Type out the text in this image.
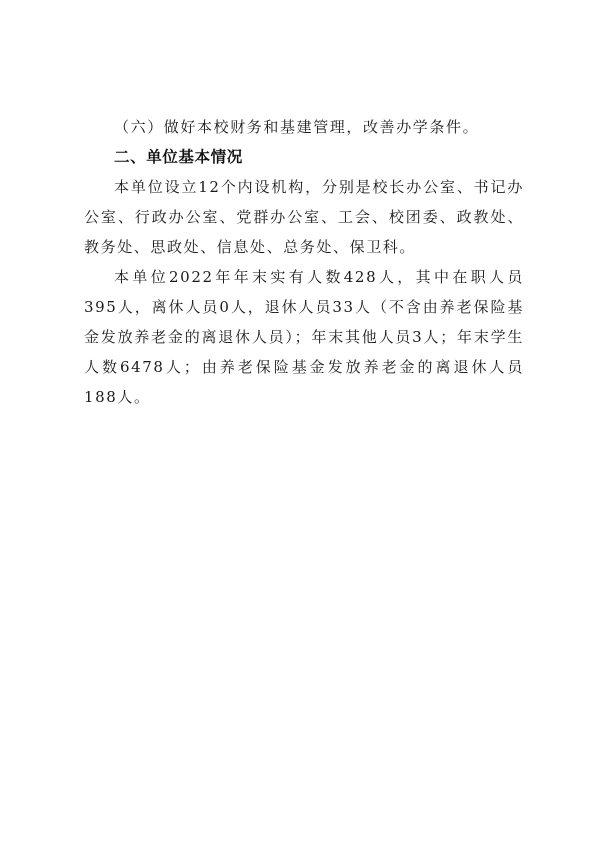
（六）做好本校财务和基建管理，改善办学条件。

二、单位基本情况

本单位设立12个内设机构，分别是校长办公室、书记办公室、行政办公室、党群办公室、工会、校团委、政教处、教务处、思政处、信息处、总务处、保卫科。

本单位2022年年末实有人数428人，其中在职人员395人，离休人员0人，退休人员33人（不含由养老保险基金发放养老金的离退休人员）；年末其他人员3人；年末学生人数6478人；由养老保险基金发放养老金的离退休人员188人。
